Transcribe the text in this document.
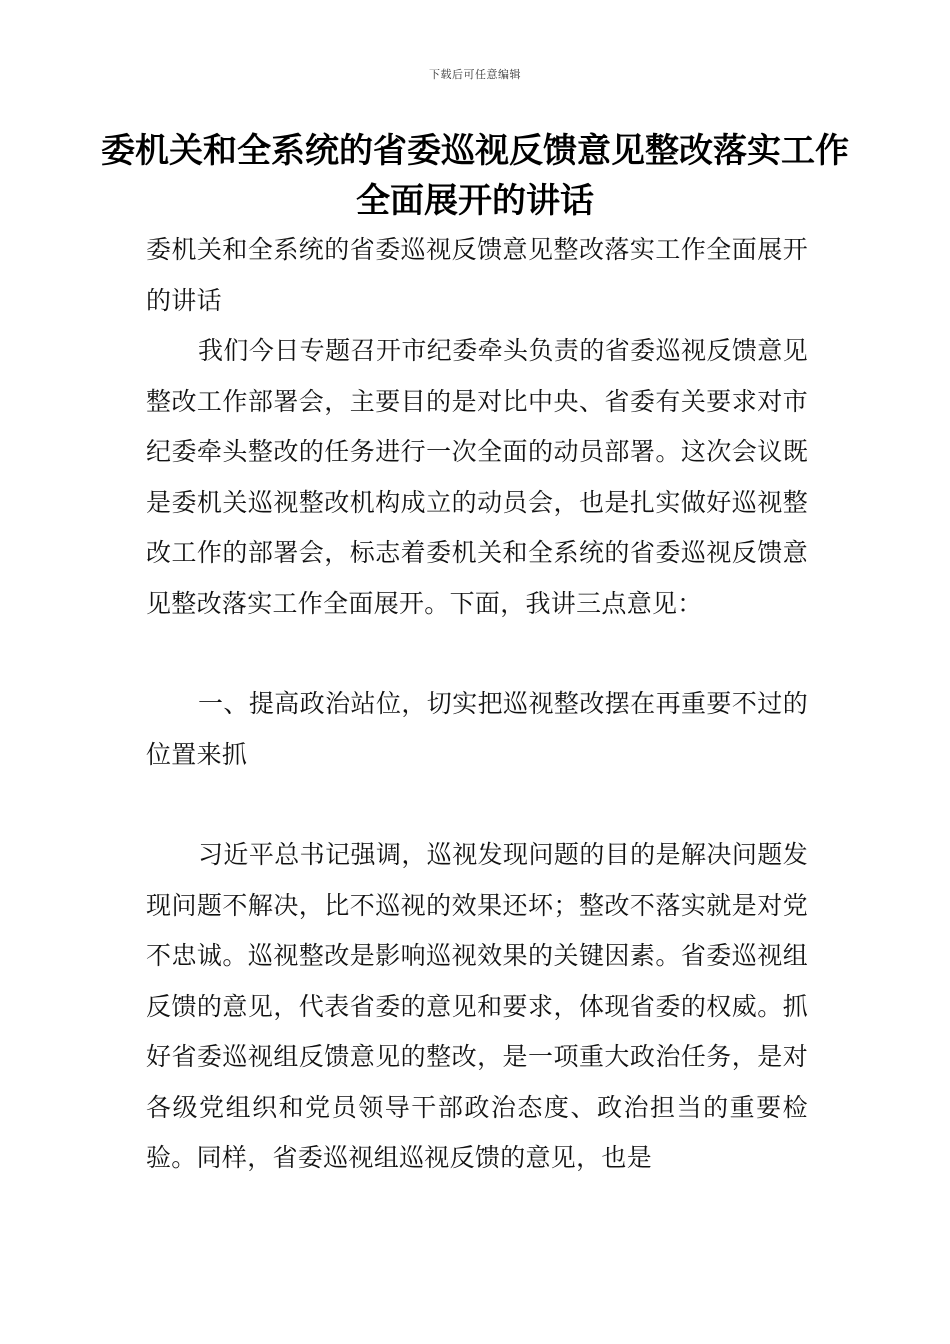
下载后可任意编辑
委机关和全系统的省委巡视反馈意见整改落实工作全面展开的讲话

委机关和全系统的省委巡视反馈意见整改落实工作全面展开的讲话

我们今日专题召开市纪委牵头负责的省委巡视反馈意见整改工作部署会，主要目的是对比中央、省委有关要求对市纪委牵头整改的任务进行一次全面的动员部署。这次会议既是委机关巡视整改机构成立的动员会，也是扎实做好巡视整改工作的部署会，标志着委机关和全系统的省委巡视反馈意见整改落实工作全面展开。下面，我讲三点意见：

一、提高政治站位，切实把巡视整改摆在再重要不过的位置来抓

习近平总书记强调，巡视发现问题的目的是解决问题发现问题不解决，比不巡视的效果还坏；整改不落实就是对党不忠诚。巡视整改是影响巡视效果的关键因素。省委巡视组反馈的意见，代表省委的意见和要求，体现省委的权威。抓好省委巡视组反馈意见的整改，是一项重大政治任务，是对各级党组织和党员领导干部政治态度、政治担当的重要检验。同样，省委巡视组巡视反馈的意见，也是
